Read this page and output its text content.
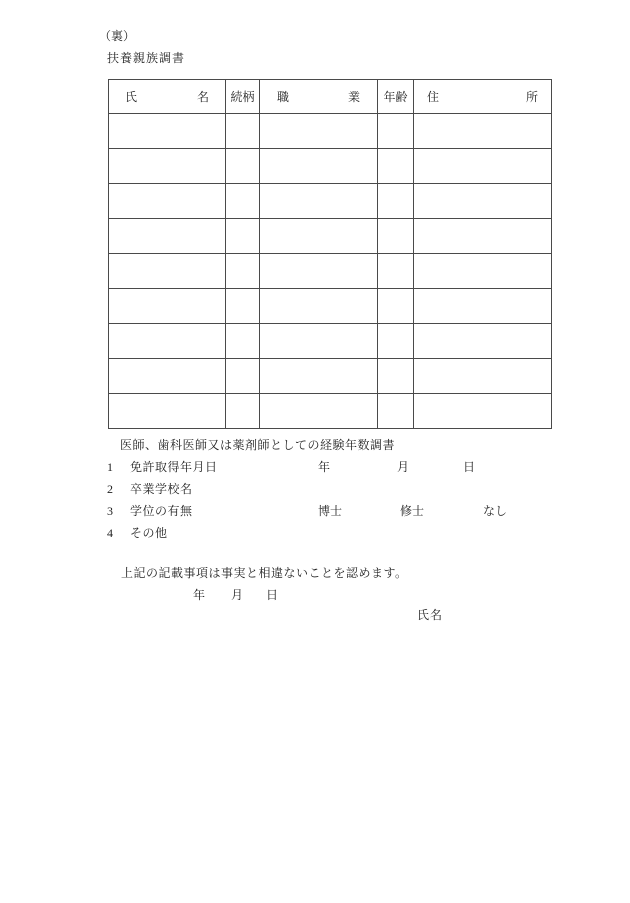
（裏）
扶養親族調書
氏 名	続柄	職 業	年齢	住 所

医師、歯科医師又は薬剤師としての経験年数調書
1 免許取得年月日	年	月	日
2 卒業学校名
3 学位の有無	博士	修士	なし
4 その他
上記の記載事項は事実と相違ないことを認めます。
年 月 日
氏名
